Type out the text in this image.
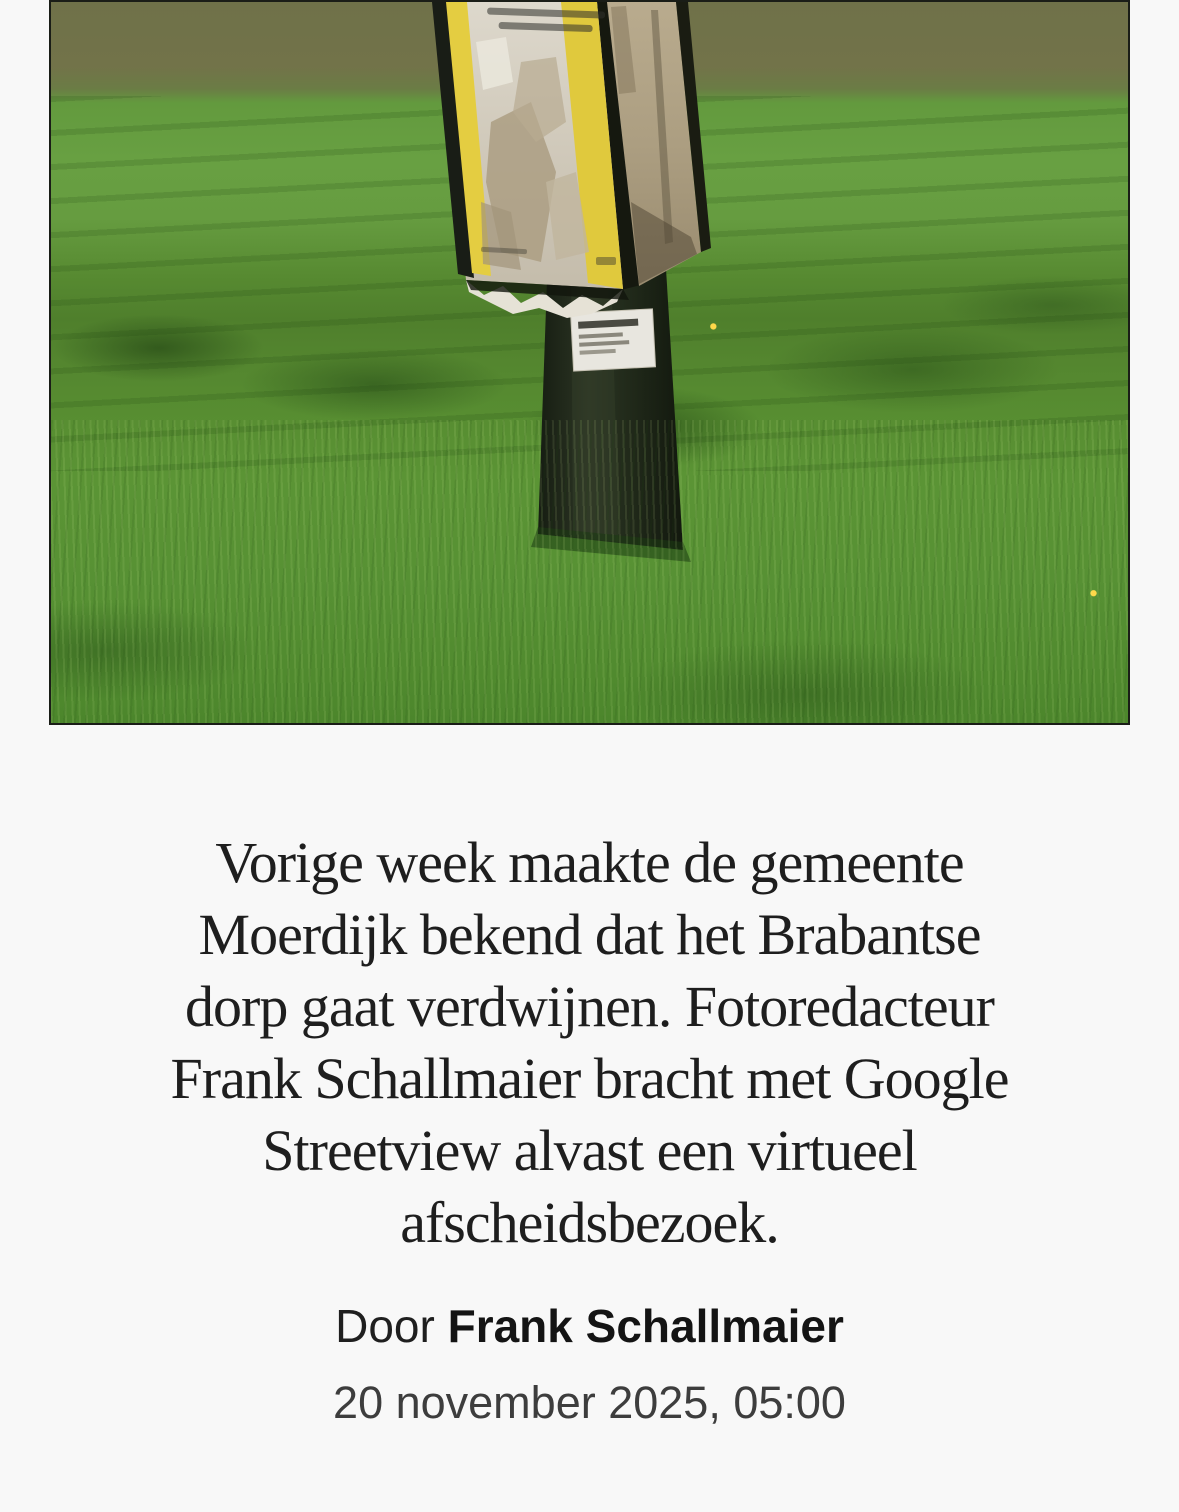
Vorige week maakte de gemeente
Moerdijk bekend dat het Brabantse
dorp gaat verdwijnen. Fotoredacteur
Frank Schallmaier bracht met Google
Streetview alvast een virtueel
afscheidsbezoek.
Door Frank Schallmaier
20 november 2025, 05:00
